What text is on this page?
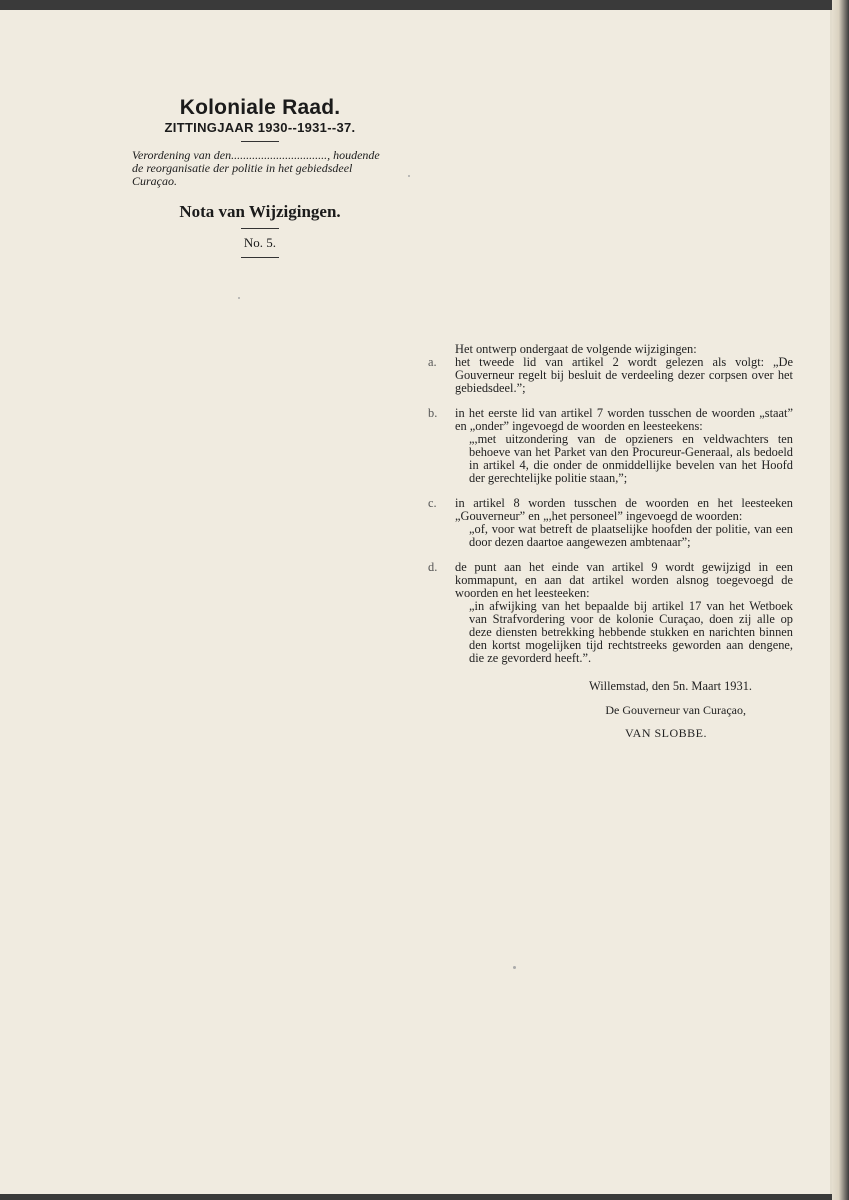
Koloniale Raad.
ZITTINGJAAR 1930--1931--37.
Verordening van den................................, houdende de reorganisatie der politie in het gebiedsdeel Curaçao.
Nota van Wijzigingen.
No. 5.

Het ontwerp ondergaat de volgende wijzigingen:

a.	het tweede lid van artikel 2 wordt gelezen als volgt: „De Gouverneur regelt bij besluit de verdeeling dezer corpsen over het gebiedsdeel.”;
b.	in het eerste lid van artikel 7 worden tusschen de woorden „staat” en „onder” ingevoegd de woorden en leesteekens:
„,met uitzondering van de opzieners en veldwachters ten behoeve van het Parket van den Procureur-Generaal, als bedoeld in artikel 4, die onder de onmiddellijke bevelen van het Hoofd der gerechtelijke politie staan,”;
c.	in artikel 8 worden tusschen de woorden en het leesteeken „Gouverneur” en „,het personeel” ingevoegd de woorden:
„of, voor wat betreft de plaatselijke hoofden der politie, van een door dezen daartoe aangewezen ambtenaar”;
d.	de punt aan het einde van artikel 9 wordt gewijzigd in een kommapunt, en aan dat artikel worden alsnog toegevoegd de woorden en het leesteeken:
„in afwijking van het bepaalde bij artikel 17 van het Wetboek van Strafvordering voor de kolonie Curaçao, doen zij alle op deze diensten betrekking hebbende stukken en narichten binnen den kortst mogelijken tijd rechtstreeks geworden aan dengene, die ze gevorderd heeft.”.
Willemstad, den 5n. Maart 1931.
De Gouverneur van Curaçao,
VAN SLOBBE.
